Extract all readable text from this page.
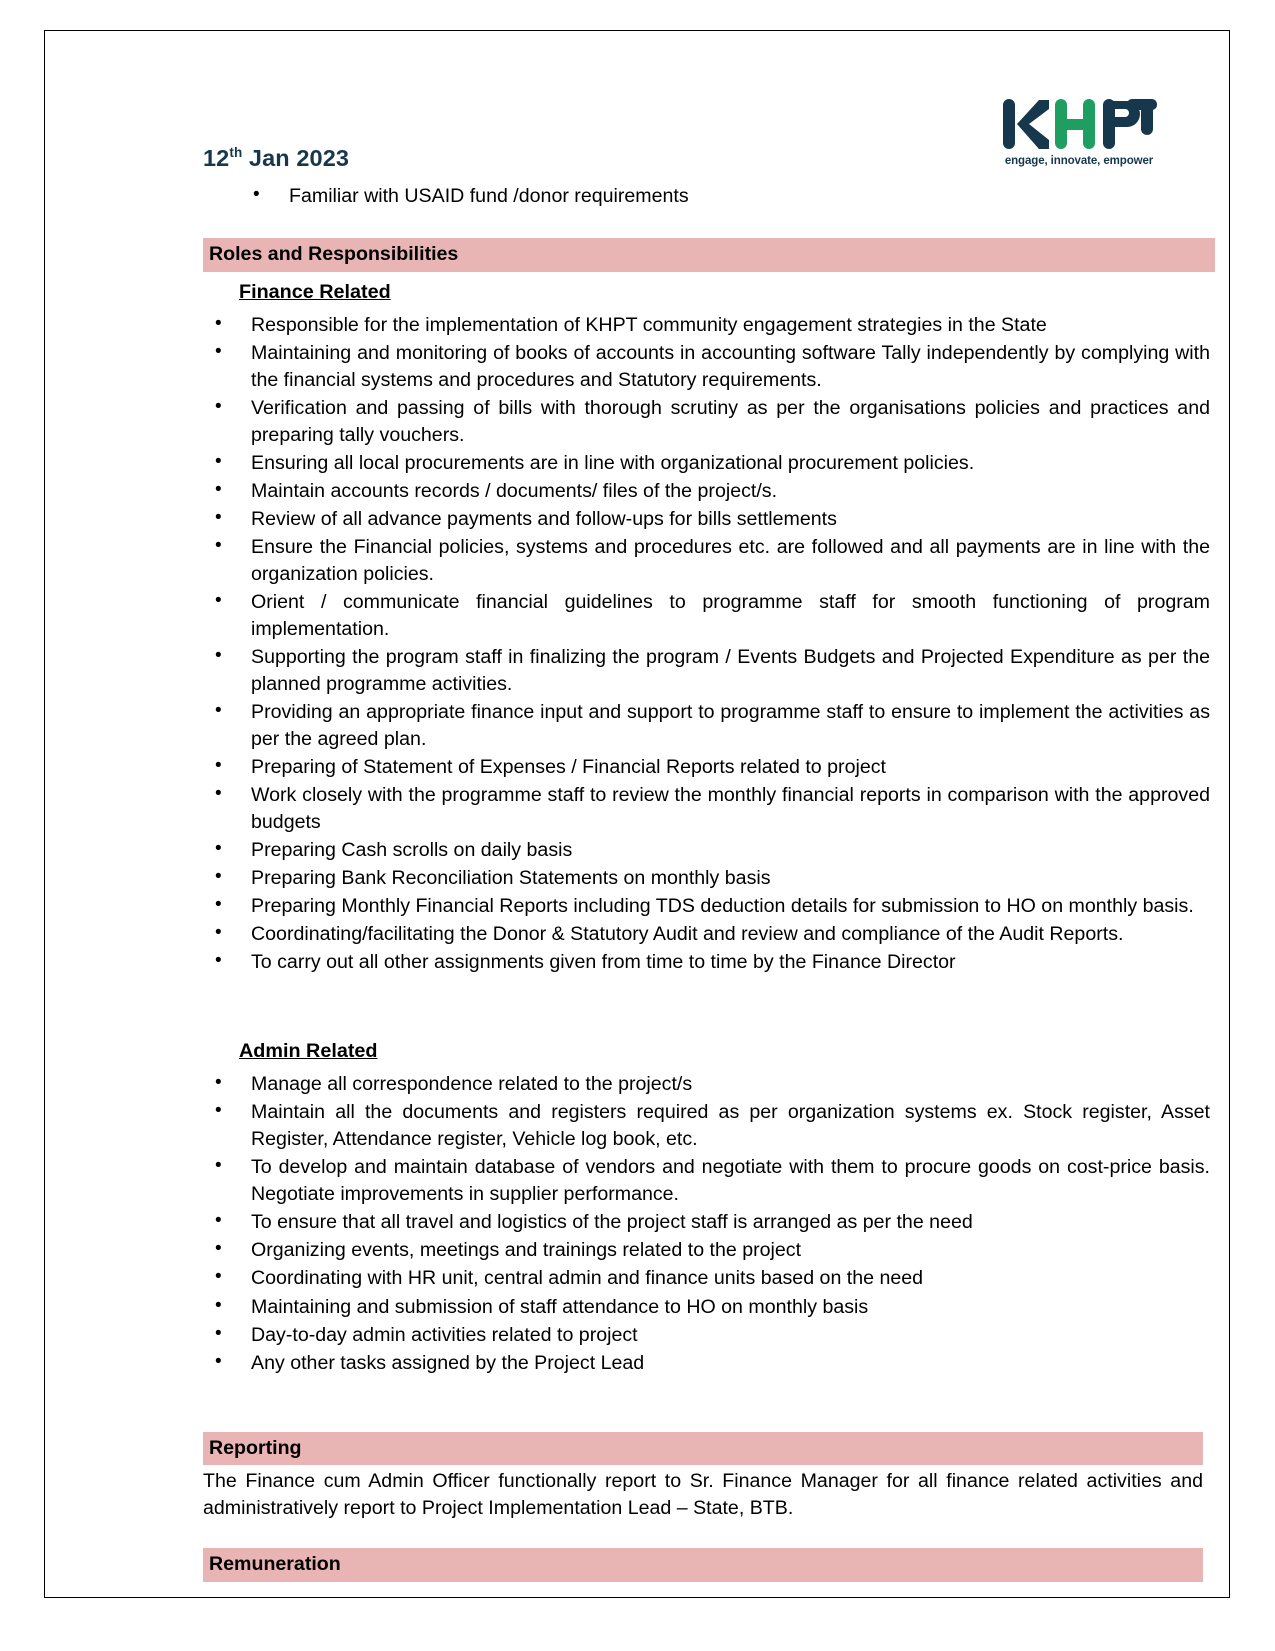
12th Jan 2023	engage, innovate, empower
• Familiar with USAID fund /donor requirements
Roles and Responsibilities
Finance Related
• Responsible for the implementation of KHPT community engagement strategies in the State
• Maintaining and monitoring of books of accounts in accounting software Tally independently by complying with the financial systems and procedures and Statutory requirements.
• Verification and passing of bills with thorough scrutiny as per the organisations policies and practices and preparing tally vouchers.
• Ensuring all local procurements are in line with organizational procurement policies.
• Maintain accounts records / documents/ files of the project/s.
• Review of all advance payments and follow-ups for bills settlements
• Ensure the Financial policies, systems and procedures etc. are followed and all payments are in line with the organization policies.
• Orient / communicate financial guidelines to programme staff for smooth functioning of program implementation.
• Supporting the program staff in finalizing the program / Events Budgets and Projected Expenditure as per the planned programme activities.
• Providing an appropriate finance input and support to programme staff to ensure to implement the activities as per the agreed plan.
• Preparing of Statement of Expenses / Financial Reports related to project
• Work closely with the programme staff to review the monthly financial reports in comparison with the approved budgets
• Preparing Cash scrolls on daily basis
• Preparing Bank Reconciliation Statements on monthly basis
• Preparing Monthly Financial Reports including TDS deduction details for submission to HO on monthly basis.
• Coordinating/facilitating the Donor & Statutory Audit and review and compliance of the Audit Reports.
• To carry out all other assignments given from time to time by the Finance Director
Admin Related
• Manage all correspondence related to the project/s
• Maintain all the documents and registers required as per organization systems ex. Stock register, Asset Register, Attendance register, Vehicle log book, etc.
• To develop and maintain database of vendors and negotiate with them to procure goods on cost-price basis. Negotiate improvements in supplier performance.
• To ensure that all travel and logistics of the project staff is arranged as per the need
• Organizing events, meetings and trainings related to the project
• Coordinating with HR unit, central admin and finance units based on the need
• Maintaining and submission of staff attendance to HO on monthly basis
• Day-to-day admin activities related to project
• Any other tasks assigned by the Project Lead
Reporting
The Finance cum Admin Officer functionally report to Sr. Finance Manager for all finance related activities and administratively report to Project Implementation Lead – State, BTB.
Remuneration
